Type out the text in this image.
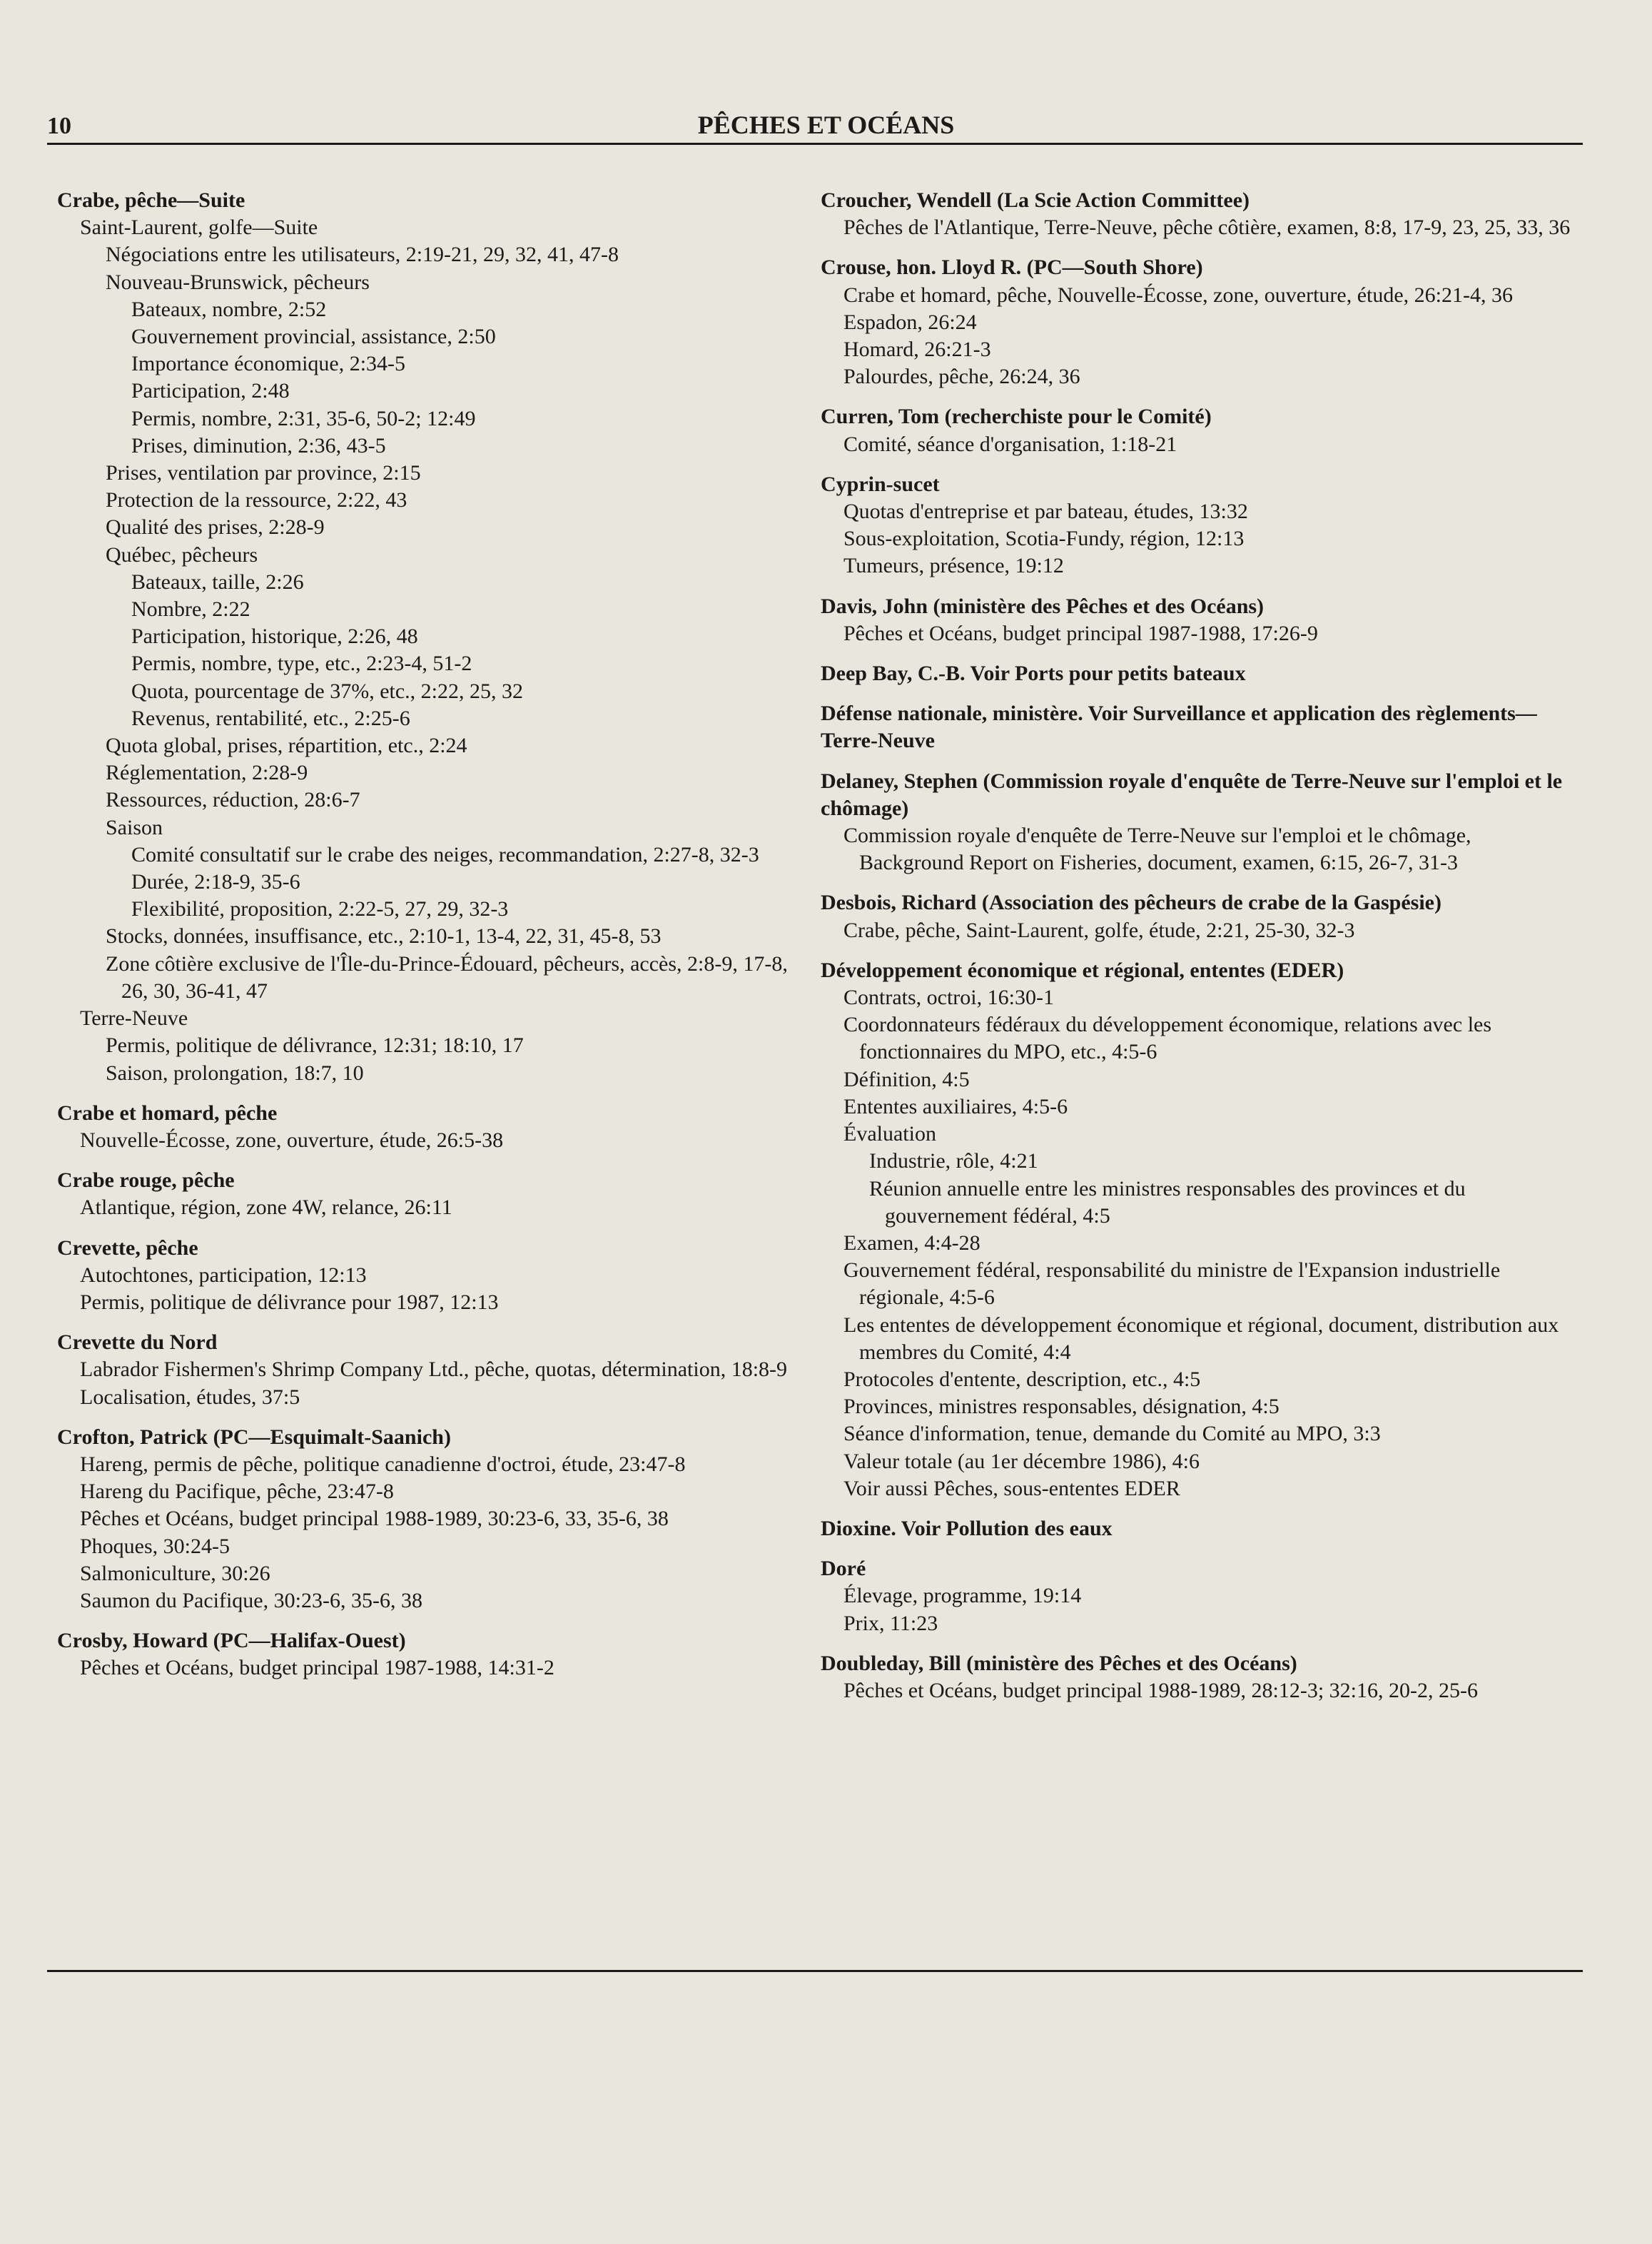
10	PÊCHES ET OCÉANS
Crabe, pêche—Suite
Saint-Laurent, golfe—Suite
Négociations entre les utilisateurs, 2:19-21, 29, 32, 41, 47-8
Nouveau-Brunswick, pêcheurs
Bateaux, nombre, 2:52
Gouvernement provincial, assistance, 2:50
Importance économique, 2:34-5
Participation, 2:48
Permis, nombre, 2:31, 35-6, 50-2; 12:49
Prises, diminution, 2:36, 43-5
Prises, ventilation par province, 2:15
Protection de la ressource, 2:22, 43
Qualité des prises, 2:28-9
Québec, pêcheurs
Bateaux, taille, 2:26
Nombre, 2:22
Participation, historique, 2:26, 48
Permis, nombre, type, etc., 2:23-4, 51-2
Quota, pourcentage de 37%, etc., 2:22, 25, 32
Revenus, rentabilité, etc., 2:25-6
Quota global, prises, répartition, etc., 2:24
Réglementation, 2:28-9
Ressources, réduction, 28:6-7
Saison
Comité consultatif sur le crabe des neiges, recommandation, 2:27-8, 32-3
Durée, 2:18-9, 35-6
Flexibilité, proposition, 2:22-5, 27, 29, 32-3
Stocks, données, insuffisance, etc., 2:10-1, 13-4, 22, 31, 45-8, 53
Zone côtière exclusive de l'Île-du-Prince-Édouard, pêcheurs, accès, 2:8-9, 17-8, 26, 30, 36-41, 47
Terre-Neuve
Permis, politique de délivrance, 12:31; 18:10, 17
Saison, prolongation, 18:7, 10
Crabe et homard, pêche
Nouvelle-Écosse, zone, ouverture, étude, 26:5-38
Crabe rouge, pêche
Atlantique, région, zone 4W, relance, 26:11
Crevette, pêche
Autochtones, participation, 12:13
Permis, politique de délivrance pour 1987, 12:13
Crevette du Nord
Labrador Fishermen's Shrimp Company Ltd., pêche, quotas, détermination, 18:8-9
Localisation, études, 37:5
Crofton, Patrick (PC—Esquimalt-Saanich)
Hareng, permis de pêche, politique canadienne d'octroi, étude, 23:47-8
Hareng du Pacifique, pêche, 23:47-8
Pêches et Océans, budget principal 1988-1989, 30:23-6, 33, 35-6, 38
Phoques, 30:24-5
Salmoniculture, 30:26
Saumon du Pacifique, 30:23-6, 35-6, 38
Crosby, Howard (PC—Halifax-Ouest)
Pêches et Océans, budget principal 1987-1988, 14:31-2
Croucher, Wendell (La Scie Action Committee)
Pêches de l'Atlantique, Terre-Neuve, pêche côtière, examen, 8:8, 17-9, 23, 25, 33, 36
Crouse, hon. Lloyd R. (PC—South Shore)
Crabe et homard, pêche, Nouvelle-Écosse, zone, ouverture, étude, 26:21-4, 36
Espadon, 26:24
Homard, 26:21-3
Palourdes, pêche, 26:24, 36
Curren, Tom (recherchiste pour le Comité)
Comité, séance d'organisation, 1:18-21
Cyprin-sucet
Quotas d'entreprise et par bateau, études, 13:32
Sous-exploitation, Scotia-Fundy, région, 12:13
Tumeurs, présence, 19:12
Davis, John (ministère des Pêches et des Océans)
Pêches et Océans, budget principal 1987-1988, 17:26-9
Deep Bay, C.-B. Voir Ports pour petits bateaux
Défense nationale, ministère. Voir Surveillance et application des règlements—Terre-Neuve
Delaney, Stephen (Commission royale d'enquête de Terre-Neuve sur l'emploi et le chômage)
Commission royale d'enquête de Terre-Neuve sur l'emploi et le chômage, Background Report on Fisheries, document, examen, 6:15, 26-7, 31-3
Desbois, Richard (Association des pêcheurs de crabe de la Gaspésie)
Crabe, pêche, Saint-Laurent, golfe, étude, 2:21, 25-30, 32-3
Développement économique et régional, ententes (EDER)
Contrats, octroi, 16:30-1
Coordonnateurs fédéraux du développement économique, relations avec les fonctionnaires du MPO, etc., 4:5-6
Définition, 4:5
Ententes auxiliaires, 4:5-6
Évaluation
Industrie, rôle, 4:21
Réunion annuelle entre les ministres responsables des provinces et du gouvernement fédéral, 4:5
Examen, 4:4-28
Gouvernement fédéral, responsabilité du ministre de l'Expansion industrielle régionale, 4:5-6
Les ententes de développement économique et régional, document, distribution aux membres du Comité, 4:4
Protocoles d'entente, description, etc., 4:5
Provinces, ministres responsables, désignation, 4:5
Séance d'information, tenue, demande du Comité au MPO, 3:3
Valeur totale (au 1er décembre 1986), 4:6
Voir aussi Pêches, sous-ententes EDER
Dioxine. Voir Pollution des eaux
Doré
Élevage, programme, 19:14
Prix, 11:23
Doubleday, Bill (ministère des Pêches et des Océans)
Pêches et Océans, budget principal 1988-1989, 28:12-3; 32:16, 20-2, 25-6
